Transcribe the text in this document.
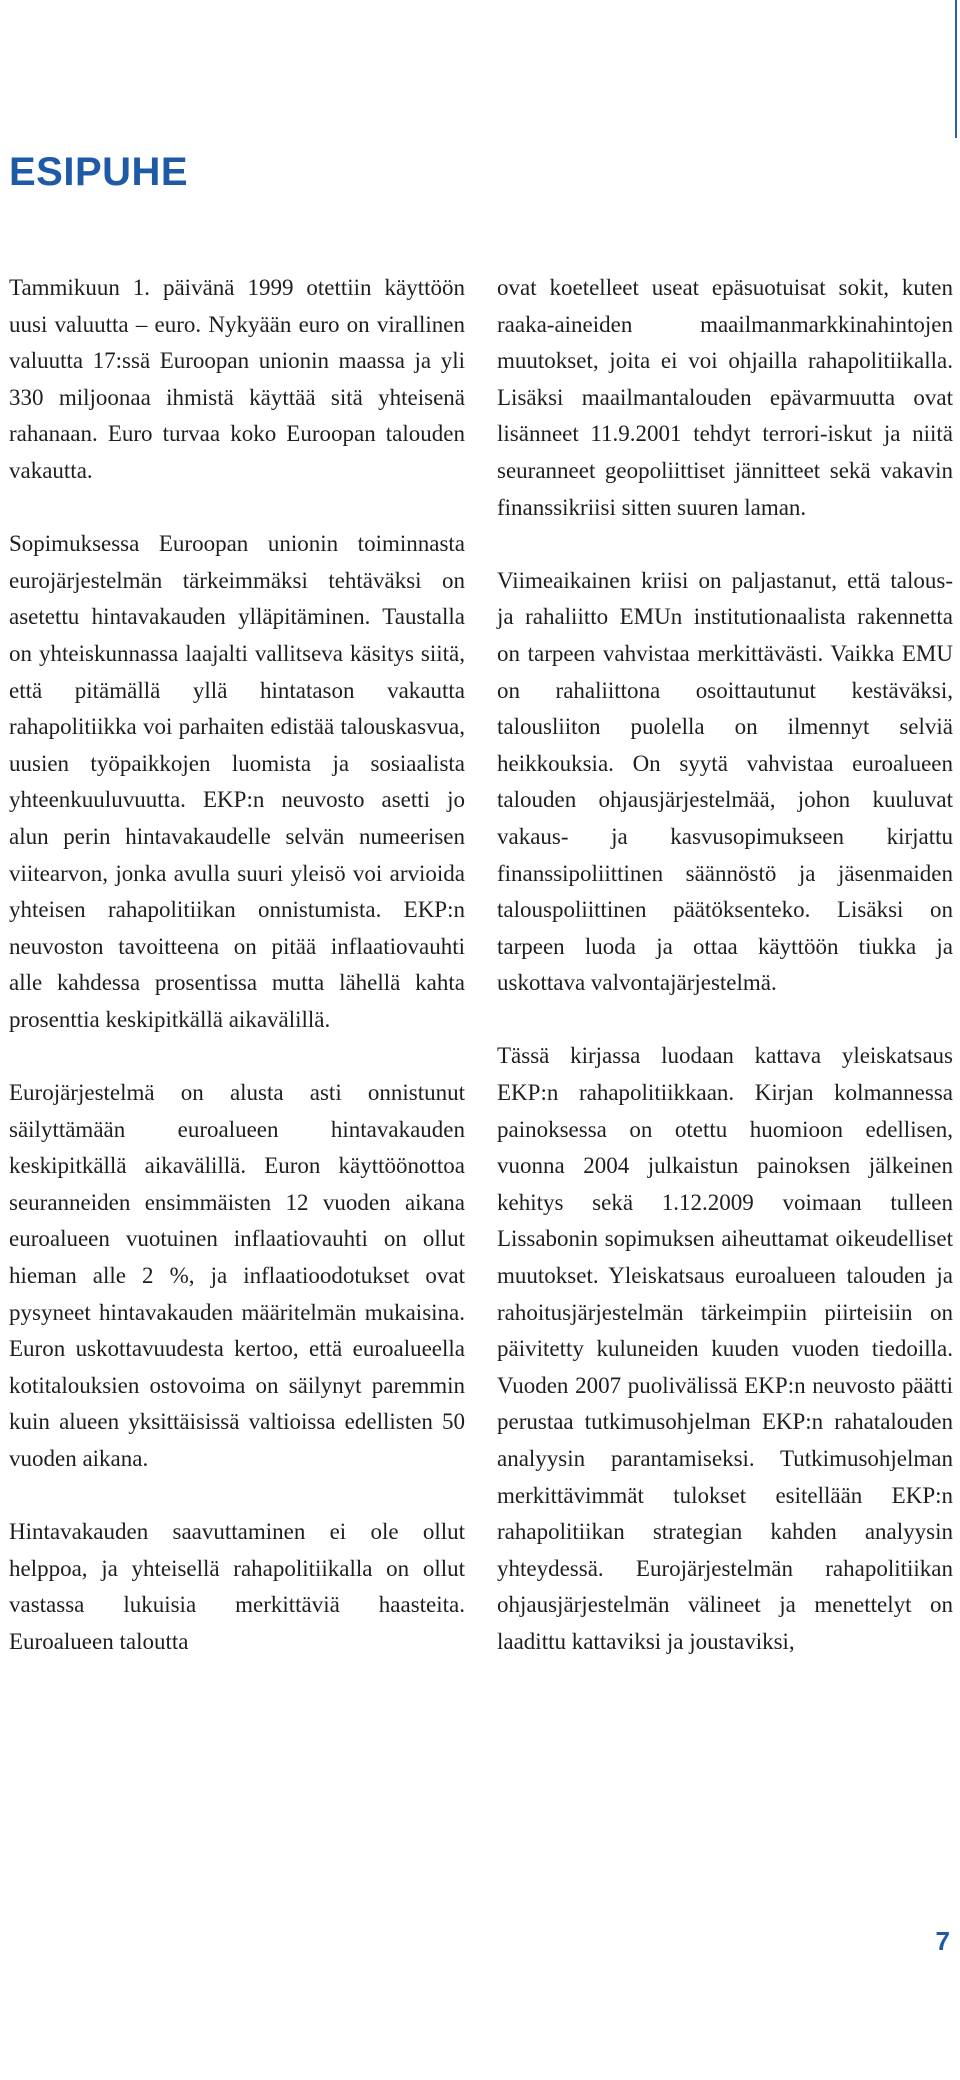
ESIPUHE

Tammikuun 1. päivänä 1999 otettiin käyttöön uusi valuutta – euro. Nykyään euro on virallinen valuutta 17:ssä Euroopan unionin maassa ja yli 330 miljoonaa ihmistä käyttää sitä yhteisenä rahanaan. Euro turvaa koko Euroopan talouden vakautta.

Sopimuksessa Euroopan unionin toiminnasta eurojärjestelmän tärkeimmäksi tehtäväksi on asetettu hintavakauden ylläpitäminen. Taustalla on yhteiskunnassa laajalti vallitseva käsitys siitä, että pitämällä yllä hintatason vakautta rahapolitiikka voi parhaiten edistää talouskasvua, uusien työpaikkojen luomista ja sosiaalista yhteenkuuluvuutta. EKP:n neuvosto asetti jo alun perin hintavakaudelle selvän numeerisen viitearvon, jonka avulla suuri yleisö voi arvioida yhteisen rahapolitiikan onnistumista. EKP:n neuvoston tavoitteena on pitää inflaatiovauhti alle kahdessa prosentissa mutta lähellä kahta prosenttia keskipitkällä aikavälillä.

Eurojärjestelmä on alusta asti onnistunut säilyttämään euroalueen hintavakauden keskipitkällä aikavälillä. Euron käyttöönottoa seuranneiden ensimmäisten 12 vuoden aikana euroalueen vuotuinen inflaatiovauhti on ollut hieman alle 2 %, ja inflaatioodotukset ovat pysyneet hintavakauden määritelmän mukaisina. Euron uskottavuudesta kertoo, että euroalueella kotitalouksien ostovoima on säilynyt paremmin kuin alueen yksittäisissä valtioissa edellisten 50 vuoden aikana.

Hintavakauden saavuttaminen ei ole ollut helppoa, ja yhteisellä rahapolitiikalla on ollut vastassa lukuisia merkittäviä haasteita. Euroalueen taloutta

ovat koetelleet useat epäsuotuisat sokit, kuten raaka-aineiden maailmanmarkkinahintojen muutokset, joita ei voi ohjailla rahapolitiikalla. Lisäksi maailmantalouden epävarmuutta ovat lisänneet 11.9.2001 tehdyt terrori-iskut ja niitä seuranneet geopoliittiset jännitteet sekä vakavin finanssikriisi sitten suuren laman.

Viimeaikainen kriisi on paljastanut, että talous- ja rahaliitto EMUn institutionaalista rakennetta on tarpeen vahvistaa merkittävästi. Vaikka EMU on rahaliittona osoittautunut kestäväksi, talousliiton puolella on ilmennyt selviä heikkouksia. On syytä vahvistaa euroalueen talouden ohjausjärjestelmää, johon kuuluvat vakaus- ja kasvusopimukseen kirjattu finanssipoliittinen säännöstö ja jäsenmaiden talouspoliittinen päätöksenteko. Lisäksi on tarpeen luoda ja ottaa käyttöön tiukka ja uskottava valvontajärjestelmä.

Tässä kirjassa luodaan kattava yleiskatsaus EKP:n rahapolitiikkaan. Kirjan kolmannessa painoksessa on otettu huomioon edellisen, vuonna 2004 julkaistun painoksen jälkeinen kehitys sekä 1.12.2009 voimaan tulleen Lissabonin sopimuksen aiheuttamat oikeudelliset muutokset. Yleiskatsaus euroalueen talouden ja rahoitusjärjestelmän tärkeimpiin piirteisiin on päivitetty kuluneiden kuuden vuoden tiedoilla. Vuoden 2007 puolivälissä EKP:n neuvosto päätti perustaa tutkimusohjelman EKP:n rahatalouden analyysin parantamiseksi. Tutkimusohjelman merkittävimmät tulokset esitellään EKP:n rahapolitiikan strategian kahden analyysin yhteydessä. Eurojärjestelmän rahapolitiikan ohjausjärjestelmän välineet ja menettelyt on laadittu kattaviksi ja joustaviksi,

7
